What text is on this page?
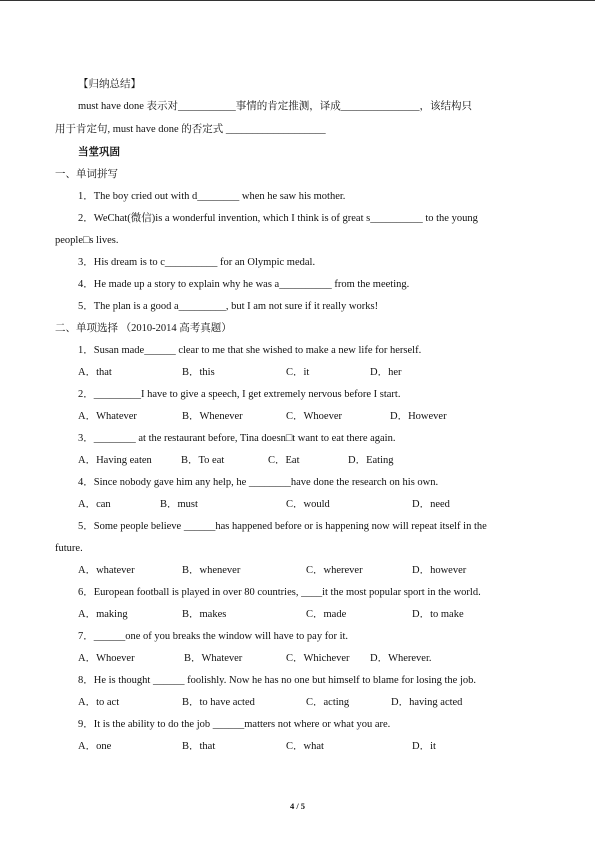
【归纳总结】
must have done 表示对___________事情的肯定推测，译成_______________，该结构只
用于肯定句, must have done 的否定式 ___________________
当堂巩固
一、单词拼写
1．The boy cried out with d________ when he saw his mother.
2．WeChat(微信)is a wonderful invention, which I think is of great s__________ to the young
people□s lives.
3．His dream is to c__________ for an Olympic medal.
4．He made up a story to explain why he was a__________ from the meeting.
5．The plan is a good a_________, but I am not sure if it really works!
二、单项选择 （2010-2014 高考真题）
1．Susan made______ clear to me that she wished to make a new life for herself.
A．that	B．this	C．it	D．her
2．_________I have to give a speech, I get extremely nervous before I start.
A．Whatever	B．Whenever	C．Whoever	D．However
3．________ at the restaurant before, Tina doesn□t want to eat there again.
A．Having eaten	B．To eat	C．Eat	D．Eating
4．Since nobody gave him any help, he ________have done the research on his own.
A．can	B．must	C．would	D．need
5．Some people believe ______has happened before or is happening now will repeat itself in the
future.
A．whatever	B．whenever	C．wherever	D．however
6．European football is played in over 80 countries, ____it the most popular sport in the world.
A．making	B．makes	C．made	D．to make
7．______one of you breaks the window will have to pay for it.
A．Whoever	B．Whatever	C．Whichever D．Wherever.
8．He is thought ______ foolishly. Now he has no one but himself to blame for losing the job.
A．to act	B．to have acted	C．acting	D．having acted
9．It is the ability to do the job ______matters not where or what you are.
A．one	B．that	C．what	D．it
4 / 5
